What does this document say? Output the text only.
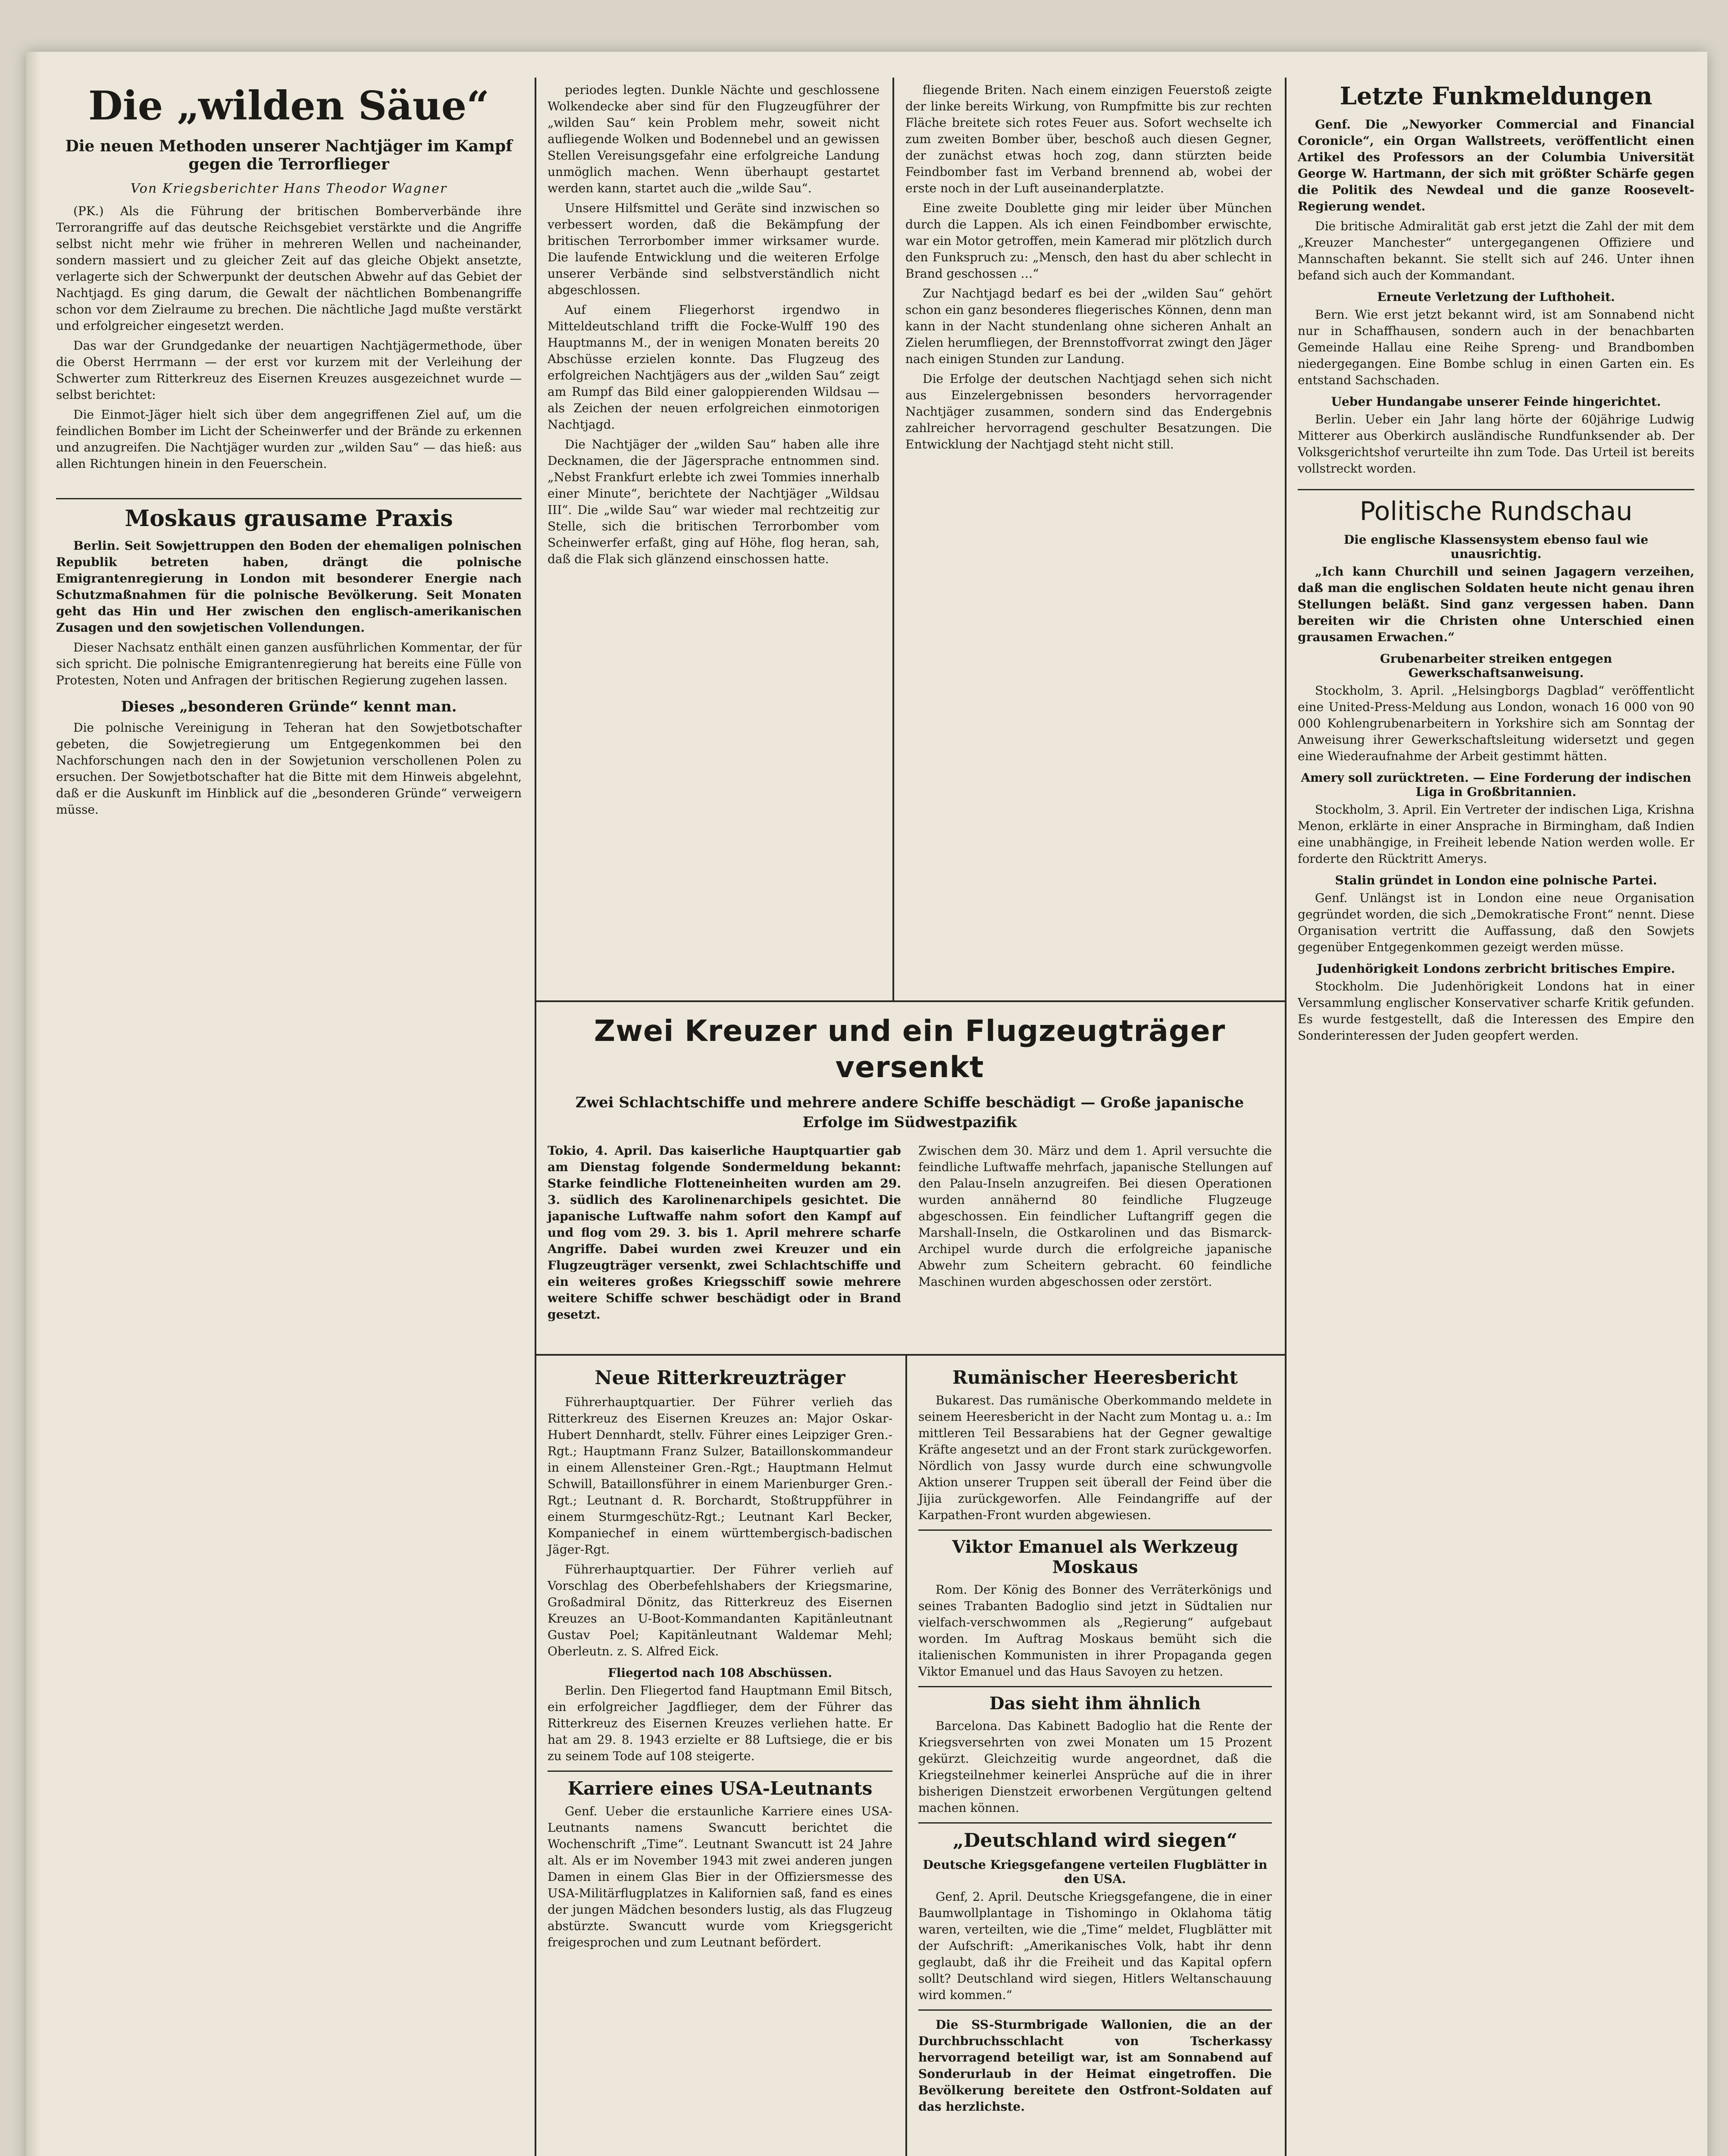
Die „wilden Säue“
Die neuen Methoden unserer Nachtjäger im Kampf gegen die Terrorflieger
Von Kriegsberichter Hans Theodor Wagner

(PK.) Als die Führung der britischen Bomberverbände ihre Terrorangriffe auf das deutsche Reichsgebiet verstärkte und die Angriffe selbst nicht mehr wie früher in mehreren Wellen und nacheinander, sondern massiert und zu gleicher Zeit auf das gleiche Objekt ansetzte, verlagerte sich der Schwerpunkt der deutschen Abwehr auf das Gebiet der Nachtjagd. Es ging darum, die Gewalt der nächtlichen Bombenangriffe schon vor dem Zielraume zu brechen. Die nächtliche Jagd mußte verstärkt und erfolgreicher eingesetzt werden.

Das war der Grundgedanke der neuartigen Nachtjägermethode, über die Oberst Herrmann — der erst vor kurzem mit der Verleihung der Schwerter zum Ritterkreuz des Eisernen Kreuzes ausgezeichnet wurde — selbst berichtet:

Die Einmot-Jäger hielt sich über dem angegriffenen Ziel auf, um die feindlichen Bomber im Licht der Scheinwerfer und der Brände zu erkennen und anzugreifen. Die Nachtjäger wurden zur „wilden Sau“ — das hieß: aus allen Richtungen hinein in den Feuerschein.

Moskaus grausame Praxis

Berlin. Seit Sowjettruppen den Boden der ehemaligen polnischen Republik betreten haben, drängt die polnische Emigrantenregierung in London mit besonderer Energie nach Schutzmaßnahmen für die polnische Bevölkerung. Seit Monaten geht das Hin und Her zwischen den englisch-amerikanischen Zusagen und den sowjetischen Vollendungen.

Dieser Nachsatz enthält einen ganzen ausführlichen Kommentar, der für sich spricht. Die polnische Emigrantenregierung hat bereits eine Fülle von Protesten, Noten und Anfragen der britischen Regierung zugehen lassen.

Dieses „besonderen Gründe“ kennt man.

Die polnische Vereinigung in Teheran hat den Sowjetbotschafter gebeten, die Sowjetregierung um Entgegenkommen bei den Nachforschungen nach den in der Sowjetunion verschollenen Polen zu ersuchen. Der Sowjetbotschafter hat die Bitte mit dem Hinweis abgelehnt, daß er die Auskunft im Hinblick auf die „besonderen Gründe“ verweigern müsse.

periodes legten. Dunkle Nächte und geschlossene Wolkendecke aber sind für den Flugzeugführer der „wilden Sau“ kein Problem mehr, soweit nicht aufliegende Wolken und Bodennebel und an gewissen Stellen Vereisungsgefahr eine erfolgreiche Landung unmöglich machen. Wenn überhaupt gestartet werden kann, startet auch die „wilde Sau“.

Unsere Hilfsmittel und Geräte sind inzwischen so verbessert worden, daß die Bekämpfung der britischen Terrorbomber immer wirksamer wurde. Die laufende Entwicklung und die weiteren Erfolge unserer Verbände sind selbstverständlich nicht abgeschlossen.

Auf einem Fliegerhorst irgendwo in Mitteldeutschland trifft die Focke-Wulff 190 des Hauptmanns M., der in wenigen Monaten bereits 20 Abschüsse erzielen konnte. Das Flugzeug des erfolgreichen Nachtjägers aus der „wilden Sau“ zeigt am Rumpf das Bild einer galoppierenden Wildsau — als Zeichen der neuen erfolgreichen einmotorigen Nachtjagd.

Die Nachtjäger der „wilden Sau“ haben alle ihre Decknamen, die der Jägersprache entnommen sind. „Nebst Frankfurt erlebte ich zwei Tommies innerhalb einer Minute“, berichtete der Nachtjäger „Wildsau III“. Die „wilde Sau“ war wieder mal rechtzeitig zur Stelle, sich die britischen Terrorbomber vom Scheinwerfer erfaßt, ging auf Höhe, flog heran, sah, daß die Flak sich glänzend einschossen hatte.

fliegende Briten. Nach einem einzigen Feuerstoß zeigte der linke bereits Wirkung, von Rumpfmitte bis zur rechten Fläche breitete sich rotes Feuer aus. Sofort wechselte ich zum zweiten Bomber über, beschoß auch diesen Gegner, der zunächst etwas hoch zog, dann stürzten beide Feindbomber fast im Verband brennend ab, wobei der erste noch in der Luft auseinanderplatzte.

Eine zweite Doublette ging mir leider über München durch die Lappen. Als ich einen Feindbomber erwischte, war ein Motor getroffen, mein Kamerad mir plötzlich durch den Funkspruch zu: „Mensch, den hast du aber schlecht in Brand geschossen …“

Zur Nachtjagd bedarf es bei der „wilden Sau“ gehört schon ein ganz besonderes fliegerisches Können, denn man kann in der Nacht stundenlang ohne sicheren Anhalt an Zielen herumfliegen, der Brennstoffvorrat zwingt den Jäger nach einigen Stunden zur Landung.

Die Erfolge der deutschen Nachtjagd sehen sich nicht aus Einzelergebnissen besonders hervorragender Nachtjäger zusammen, sondern sind das Endergebnis zahlreicher hervorragend geschulter Besatzungen. Die Entwicklung der Nachtjagd steht nicht still.

Zwei Kreuzer und ein Flugzeugträger versenkt
Zwei Schlachtschiffe und mehrere andere Schiffe beschädigt — Große japanische Erfolge im Südwestpazifik
Tokio, 4. April. Das kaiserliche Hauptquartier gab am Dienstag folgende Sondermeldung bekannt: Starke feindliche Flotteneinheiten wurden am 29. 3. südlich des Karolinenarchipels gesichtet. Die japanische Luftwaffe nahm sofort den Kampf auf und flog vom 29. 3. bis 1. April mehrere scharfe Angriffe. Dabei wurden zwei Kreuzer und ein Flugzeugträger versenkt, zwei Schlachtschiffe und ein weiteres großes Kriegsschiff sowie mehrere weitere Schiffe schwer beschädigt oder in Brand gesetzt.
Zwischen dem 30. März und dem 1. April versuchte die feindliche Luftwaffe mehrfach, japanische Stellungen auf den Palau-Inseln anzugreifen. Bei diesen Operationen wurden annähernd 80 feindliche Flugzeuge abgeschossen. Ein feindlicher Luftangriff gegen die Marshall-Inseln, die Ostkarolinen und das Bismarck-Archipel wurde durch die erfolgreiche japanische Abwehr zum Scheitern gebracht. 60 feindliche Maschinen wurden abgeschossen oder zerstört.
Neue Ritterkreuzträger

Führerhauptquartier. Der Führer verlieh das Ritterkreuz des Eisernen Kreuzes an: Major Oskar-Hubert Dennhardt, stellv. Führer eines Leipziger Gren.-Rgt.; Hauptmann Franz Sulzer, Bataillonskommandeur in einem Allensteiner Gren.-Rgt.; Hauptmann Helmut Schwill, Bataillonsführer in einem Marienburger Gren.-Rgt.; Leutnant d. R. Borchardt, Stoßtruppführer in einem Sturmgeschütz-Rgt.; Leutnant Karl Becker, Kompaniechef in einem württembergisch-badischen Jäger-Rgt.

Führerhauptquartier. Der Führer verlieh auf Vorschlag des Oberbefehlshabers der Kriegsmarine, Großadmiral Dönitz, das Ritterkreuz des Eisernen Kreuzes an U-Boot-Kommandanten Kapitänleutnant Gustav Poel; Kapitänleutnant Waldemar Mehl; Oberleutn. z. S. Alfred Eick.

Fliegertod nach 108 Abschüssen.

Berlin. Den Fliegertod fand Hauptmann Emil Bitsch, ein erfolgreicher Jagdflieger, dem der Führer das Ritterkreuz des Eisernen Kreuzes verliehen hatte. Er hat am 29. 8. 1943 erzielte er 88 Luftsiege, die er bis zu seinem Tode auf 108 steigerte.

Karriere eines USA-Leutnants

Genf. Ueber die erstaunliche Karriere eines USA-Leutnants namens Swancutt berichtet die Wochenschrift „Time“. Leutnant Swancutt ist 24 Jahre alt. Als er im November 1943 mit zwei anderen jungen Damen in einem Glas Bier in der Offiziersmesse des USA-Militärflugplatzes in Kalifornien saß, fand es eines der jungen Mädchen besonders lustig, als das Flugzeug abstürzte. Swancutt wurde vom Kriegsgericht freigesprochen und zum Leutnant befördert.

Rumänischer Heeresbericht

Bukarest. Das rumänische Oberkommando meldete in seinem Heeresbericht in der Nacht zum Montag u. a.: Im mittleren Teil Bessarabiens hat der Gegner gewaltige Kräfte angesetzt und an der Front stark zurückgeworfen. Nördlich von Jassy wurde durch eine schwungvolle Aktion unserer Truppen seit überall der Feind über die Jijia zurückgeworfen. Alle Feindangriffe auf der Karpathen-Front wurden abgewiesen.

Viktor Emanuel als Werkzeug Moskaus

Rom. Der König des Bonner des Verräterkönigs und seines Trabanten Badoglio sind jetzt in Südtalien nur vielfach-verschwommen als „Regierung“ aufgebaut worden. Im Auftrag Moskaus bemüht sich die italienischen Kommunisten in ihrer Propaganda gegen Viktor Emanuel und das Haus Savoyen zu hetzen.

Das sieht ihm ähnlich

Barcelona. Das Kabinett Badoglio hat die Rente der Kriegsversehrten von zwei Monaten um 15 Prozent gekürzt. Gleichzeitig wurde angeordnet, daß die Kriegsteilnehmer keinerlei Ansprüche auf die in ihrer bisherigen Dienstzeit erworbenen Vergütungen geltend machen können.

„Deutschland wird siegen“
Deutsche Kriegsgefangene verteilen Flugblätter in den USA.

Genf, 2. April. Deutsche Kriegsgefangene, die in einer Baumwollplantage in Tishomingo in Oklahoma tätig waren, verteilten, wie die „Time“ meldet, Flugblätter mit der Aufschrift: „Amerikanisches Volk, habt ihr denn geglaubt, daß ihr die Freiheit und das Kapital opfern sollt? Deutschland wird siegen, Hitlers Weltanschauung wird kommen.“

Die SS-Sturmbrigade Wallonien, die an der Durchbruchsschlacht von Tscherkassy hervorragend beteiligt war, ist am Sonnabend auf Sonderurlaub in der Heimat eingetroffen. Die Bevölkerung bereitete den Ostfront-Soldaten auf das herzlichste.

Letzte Funkmeldungen

Genf. Die „Newyorker Commercial and Financial Coronicle“, ein Organ Wallstreets, veröffentlicht einen Artikel des Professors an der Columbia Universität George W. Hartmann, der sich mit größter Schärfe gegen die Politik des Newdeal und die ganze Roosevelt-Regierung wendet.

Die britische Admiralität gab erst jetzt die Zahl der mit dem „Kreuzer Manchester“ untergegangenen Offiziere und Mannschaften bekannt. Sie stellt sich auf 246. Unter ihnen befand sich auch der Kommandant.

Erneute Verletzung der Lufthoheit.

Bern. Wie erst jetzt bekannt wird, ist am Sonnabend nicht nur in Schaffhausen, sondern auch in der benachbarten Gemeinde Hallau eine Reihe Spreng- und Brandbomben niedergegangen. Eine Bombe schlug in einen Garten ein. Es entstand Sachschaden.

Ueber Hundangabe unserer Feinde hingerichtet.

Berlin. Ueber ein Jahr lang hörte der 60jährige Ludwig Mitterer aus Oberkirch ausländische Rundfunksender ab. Der Volksgerichtshof verurteilte ihn zum Tode. Das Urteil ist bereits vollstreckt worden.

Politische Rundschau
Die englische Klassensystem ebenso faul wie unausrichtig.

„Ich kann Churchill und seinen Jagagern verzeihen, daß man die englischen Soldaten heute nicht genau ihren Stellungen beläßt. Sind ganz vergessen haben. Dann bereiten wir die Christen ohne Unterschied einen grausamen Erwachen.“

Grubenarbeiter streiken entgegen Gewerkschaftsanweisung.

Stockholm, 3. April. „Helsingborgs Dagblad“ veröffentlicht eine United-Press-Meldung aus London, wonach 16 000 von 90 000 Kohlengrubenarbeitern in Yorkshire sich am Sonntag der Anweisung ihrer Gewerkschaftsleitung widersetzt und gegen eine Wiederaufnahme der Arbeit gestimmt hätten.

Amery soll zurücktreten. — Eine Forderung der indischen Liga in Großbritannien.

Stockholm, 3. April. Ein Vertreter der indischen Liga, Krishna Menon, erklärte in einer Ansprache in Birmingham, daß Indien eine unabhängige, in Freiheit lebende Nation werden wolle. Er forderte den Rücktritt Amerys.

Stalin gründet in London eine polnische Partei.

Genf. Unlängst ist in London eine neue Organisation gegründet worden, die sich „Demokratische Front“ nennt. Diese Organisation vertritt die Auffassung, daß den Sowjets gegenüber Entgegenkommen gezeigt werden müsse.

Judenhörigkeit Londons zerbricht britisches Empire.

Stockholm. Die Judenhörigkeit Londons hat in einer Versammlung englischer Konservativer scharfe Kritik gefunden. Es wurde festgestellt, daß die Interessen des Empire den Sonderinteressen der Juden geopfert werden.
